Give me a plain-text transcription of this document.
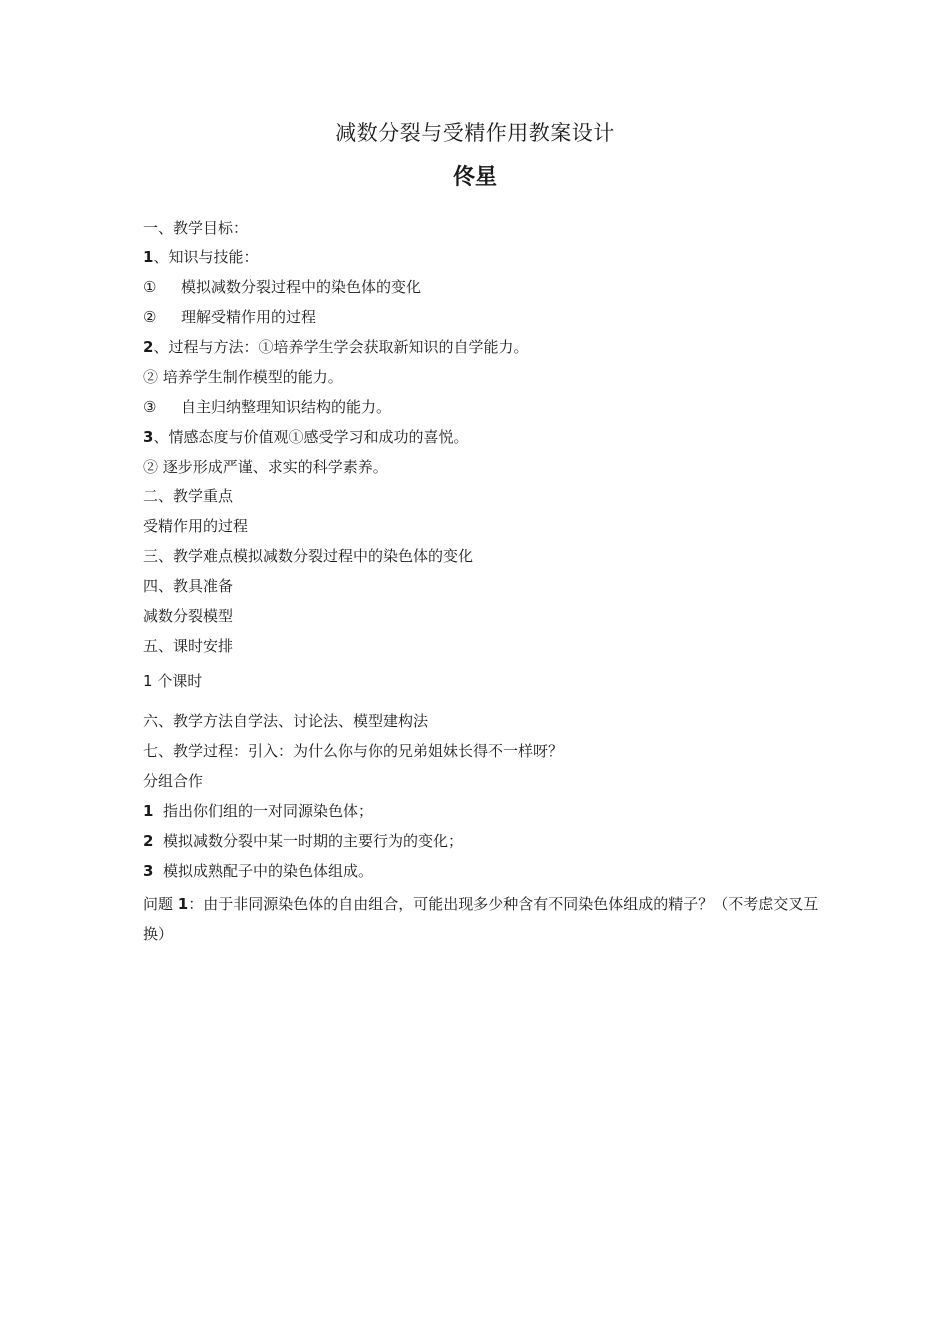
减数分裂与受精作用教案设计
佟星
一、教学目标：
1、知识与技能：
① 模拟减数分裂过程中的染色体的变化
② 理解受精作用的过程
2、过程与方法：①培养学生学会获取新知识的自学能力。
② 培养学生制作模型的能力。
③ 自主归纳整理知识结构的能力。
3、情感态度与价值观①感受学习和成功的喜悦。
② 逐步形成严谨、求实的科学素养。
二、教学重点
受精作用的过程
三、教学难点模拟减数分裂过程中的染色体的变化
四、教具准备
减数分裂模型
五、课时安排
1 个课时
六、教学方法自学法、讨论法、模型建构法
七、教学过程：引入：为什么你与你的兄弟姐妹长得不一样呀？
分组合作
1  指出你们组的一对同源染色体；
2  模拟减数分裂中某一时期的主要行为的变化；
3  模拟成熟配子中的染色体组成。
问题 1：由于非同源染色体的自由组合，可能出现多少种含有不同染色体组成的精子？（不考虑交叉互换）
